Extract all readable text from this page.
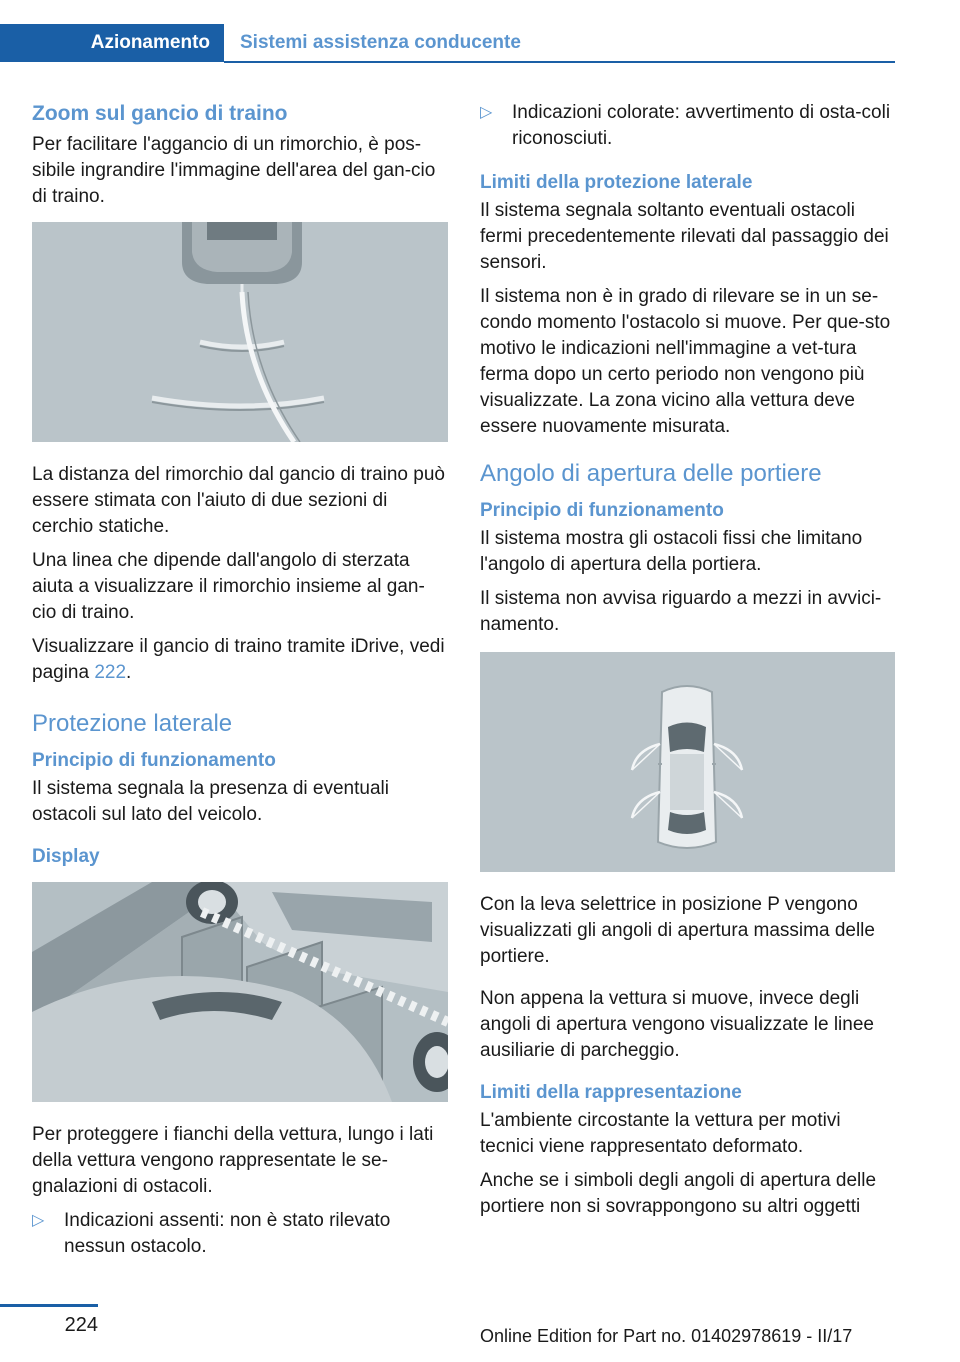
Azionamento	Sistemi assistenza conducente
Zoom sul gancio di traino

Per facilitare l'aggancio di un rimorchio, è pos-sibile ingrandire l'immagine dell'area del gan-cio di traino.

La distanza del rimorchio dal gancio di traino può essere stimata con l'aiuto di due sezioni di cerchio statiche.

Una linea che dipende dall'angolo di sterzata aiuta a visualizzare il rimorchio insieme al gan-cio di traino.

Visualizzare il gancio di traino tramite iDrive, vedi pagina 222.

Protezione laterale
Principio di funzionamento

Il sistema segnala la presenza di eventuali ostacoli sul lato del veicolo.

Display

Per proteggere i fianchi della vettura, lungo i lati della vettura vengono rappresentate le se-gnalazioni di ostacoli.

▷ Indicazioni assenti: non è stato rilevato nessun ostacolo.
▷ Indicazioni colorate: avvertimento di osta-coli riconosciuti.
Limiti della protezione laterale

Il sistema segnala soltanto eventuali ostacoli fermi precedentemente rilevati dal passaggio dei sensori.

Il sistema non è in grado di rilevare se in un se-condo momento l'ostacolo si muove. Per que-sto motivo le indicazioni nell'immagine a vet-tura ferma dopo un certo periodo non vengono più visualizzate. La zona vicino alla vettura deve essere nuovamente misurata.

Angolo di apertura delle portiere
Principio di funzionamento

Il sistema mostra gli ostacoli fissi che limitano l'angolo di apertura della portiera.

Il sistema non avvisa riguardo a mezzi in avvici-namento.

Con la leva selettrice in posizione P vengono visualizzati gli angoli di apertura massima delle portiere.

Non appena la vettura si muove, invece degli angoli di apertura vengono visualizzate le linee ausiliarie di parcheggio.

Limiti della rappresentazione

L'ambiente circostante la vettura per motivi tecnici viene rappresentato deformato.

Anche se i simboli degli angoli di apertura delle portiere non si sovrappongono su altri oggetti

224	Online Edition for Part no. 01402978619 - II/17
